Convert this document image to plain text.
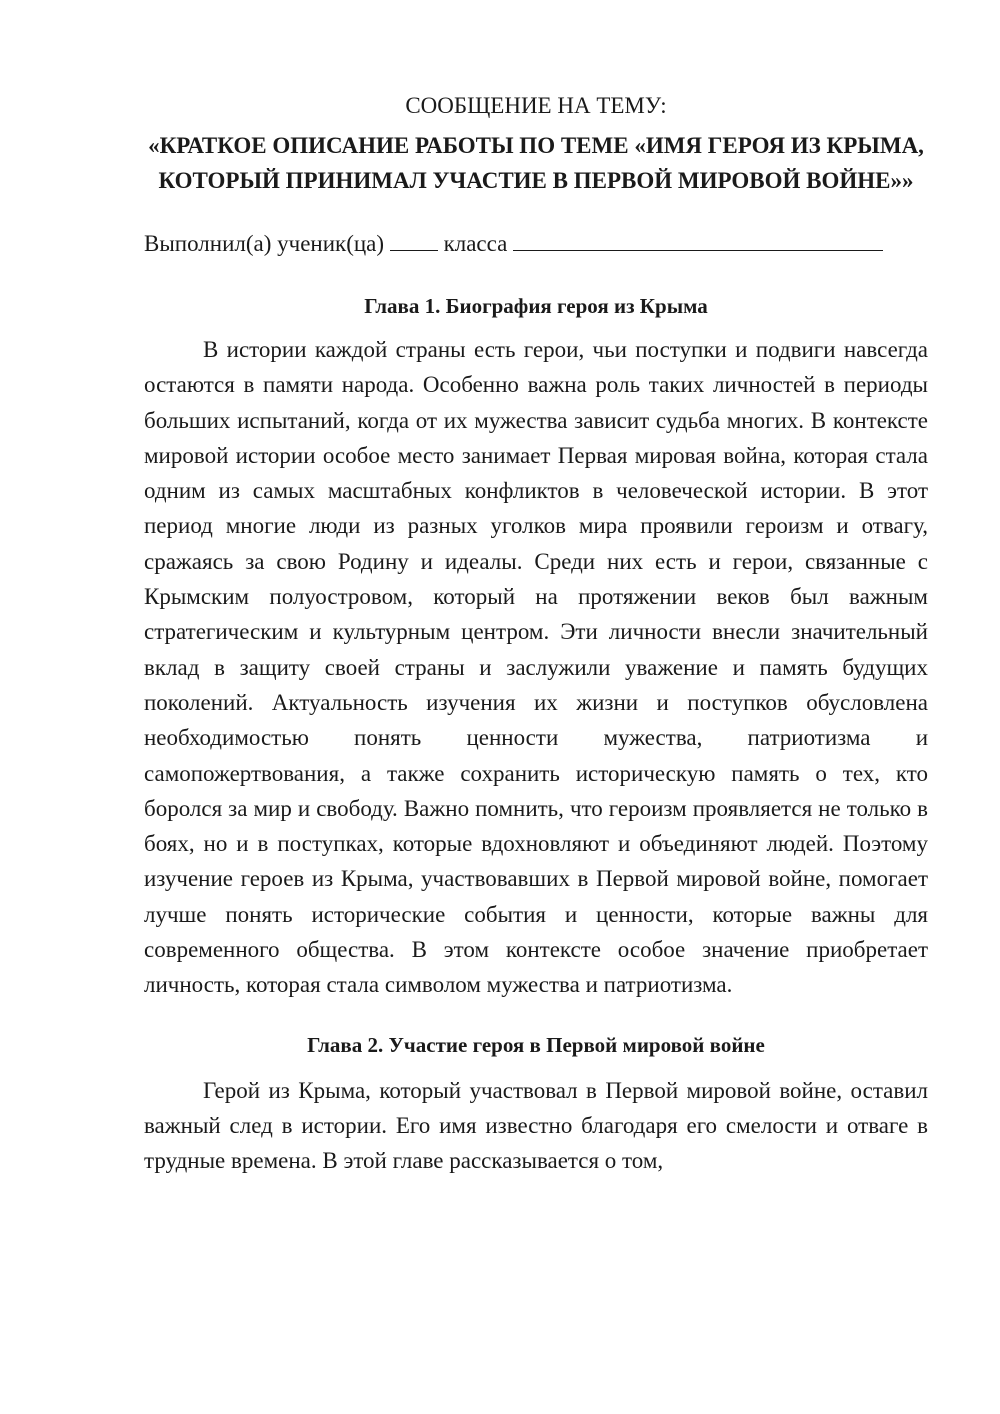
СООБЩЕНИЕ НА ТЕМУ:

«КРАТКОЕ ОПИСАНИЕ РАБОТЫ ПО ТЕМЕ «ИМЯ ГЕРОЯ ИЗ КРЫМА, КОТОРЫЙ ПРИНИМАЛ УЧАСТИЕ В ПЕРВОЙ МИРОВОЙ ВОЙНЕ»»

Выполнил(а) ученик(ца)	класса
Глава 1. Биография героя из Крыма

В истории каждой страны есть герои, чьи поступки и подвиги навсегда остаются в памяти народа. Особенно важна роль таких личностей в периоды больших испытаний, когда от их мужества зависит судьба многих. В контексте мировой истории особое место занимает Первая мировая война, которая стала одним из самых масштабных конфликтов в человеческой истории. В этот период многие люди из разных уголков мира проявили героизм и отвагу, сражаясь за свою Родину и идеалы. Среди них есть и герои, связанные с Крымским полуостровом, который на протяжении веков был важным стратегическим и культурным центром. Эти личности внесли значительный вклад в защиту своей страны и заслужили уважение и память будущих поколений. Актуальность изучения их жизни и поступков обусловлена необходимостью понять ценности мужества, патриотизма и самопожертвования, а также сохранить историческую память о тех, кто боролся за мир и свободу. Важно помнить, что героизм проявляется не только в боях, но и в поступках, которые вдохновляют и объединяют людей. Поэтому изучение героев из Крыма, участвовавших в Первой мировой войне, помогает лучше понять исторические события и ценности, которые важны для современного общества. В этом контексте особое значение приобретает личность, которая стала символом мужества и патриотизма.

Глава 2. Участие героя в Первой мировой войне

Герой из Крыма, который участвовал в Первой мировой войне, оставил важный след в истории. Его имя известно благодаря его смелости и отваге в трудные времена. В этой главе рассказывается о том,
